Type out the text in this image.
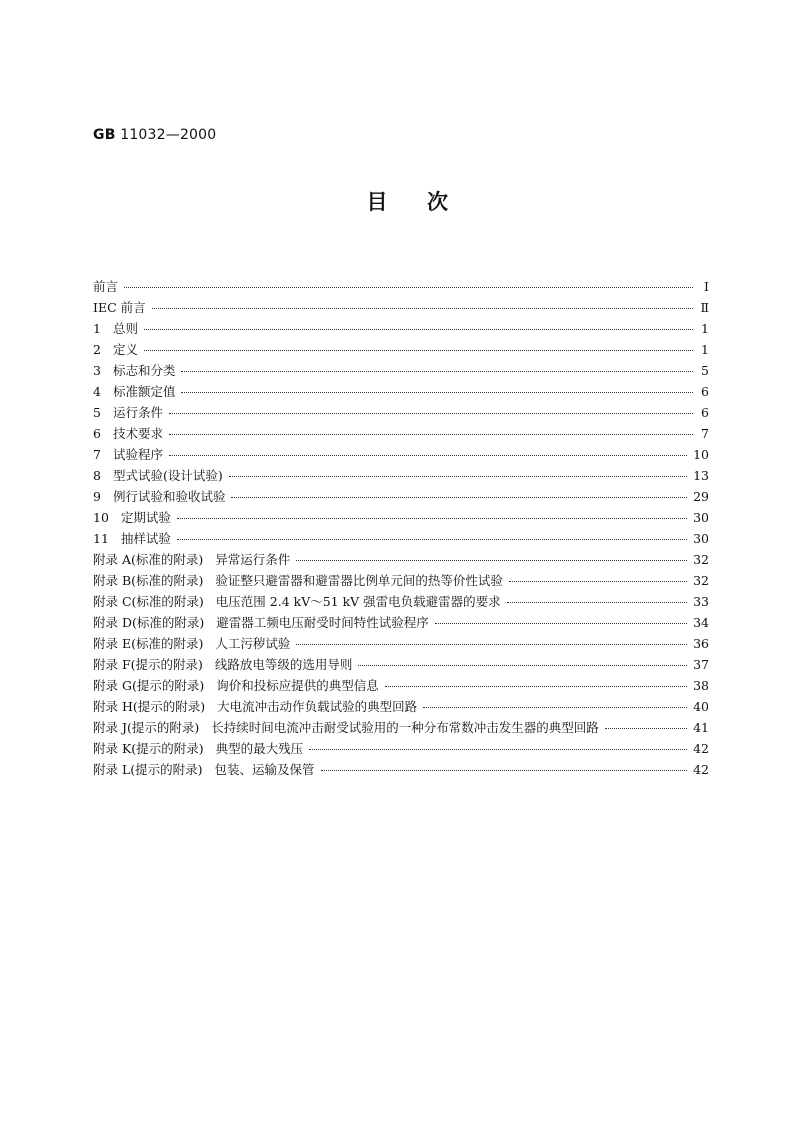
GB 11032—2000
目 次
前言	Ⅰ
IEC 前言	Ⅱ
1 总则	1
2 定义	1
3 标志和分类	5
4 标准额定值	6
5 运行条件	6
6 技术要求	7
7 试验程序	10
8 型式试验(设计试验)	13
9 例行试验和验收试验	29
10 定期试验	30
11 抽样试验	30
附录 A(标准的附录) 异常运行条件	32
附录 B(标准的附录) 验证整只避雷器和避雷器比例单元间的热等价性试验	32
附录 C(标准的附录) 电压范围 2.4 kV～51 kV 强雷电负载避雷器的要求	33
附录 D(标准的附录) 避雷器工频电压耐受时间特性试验程序	34
附录 E(标准的附录) 人工污秽试验	36
附录 F(提示的附录) 线路放电等级的选用导则	37
附录 G(提示的附录) 询价和投标应提供的典型信息	38
附录 H(提示的附录) 大电流冲击动作负载试验的典型回路	40
附录 J(提示的附录) 长持续时间电流冲击耐受试验用的一种分布常数冲击发生器的典型回路	41
附录 K(提示的附录) 典型的最大残压	42
附录 L(提示的附录) 包装、运输及保管	42
